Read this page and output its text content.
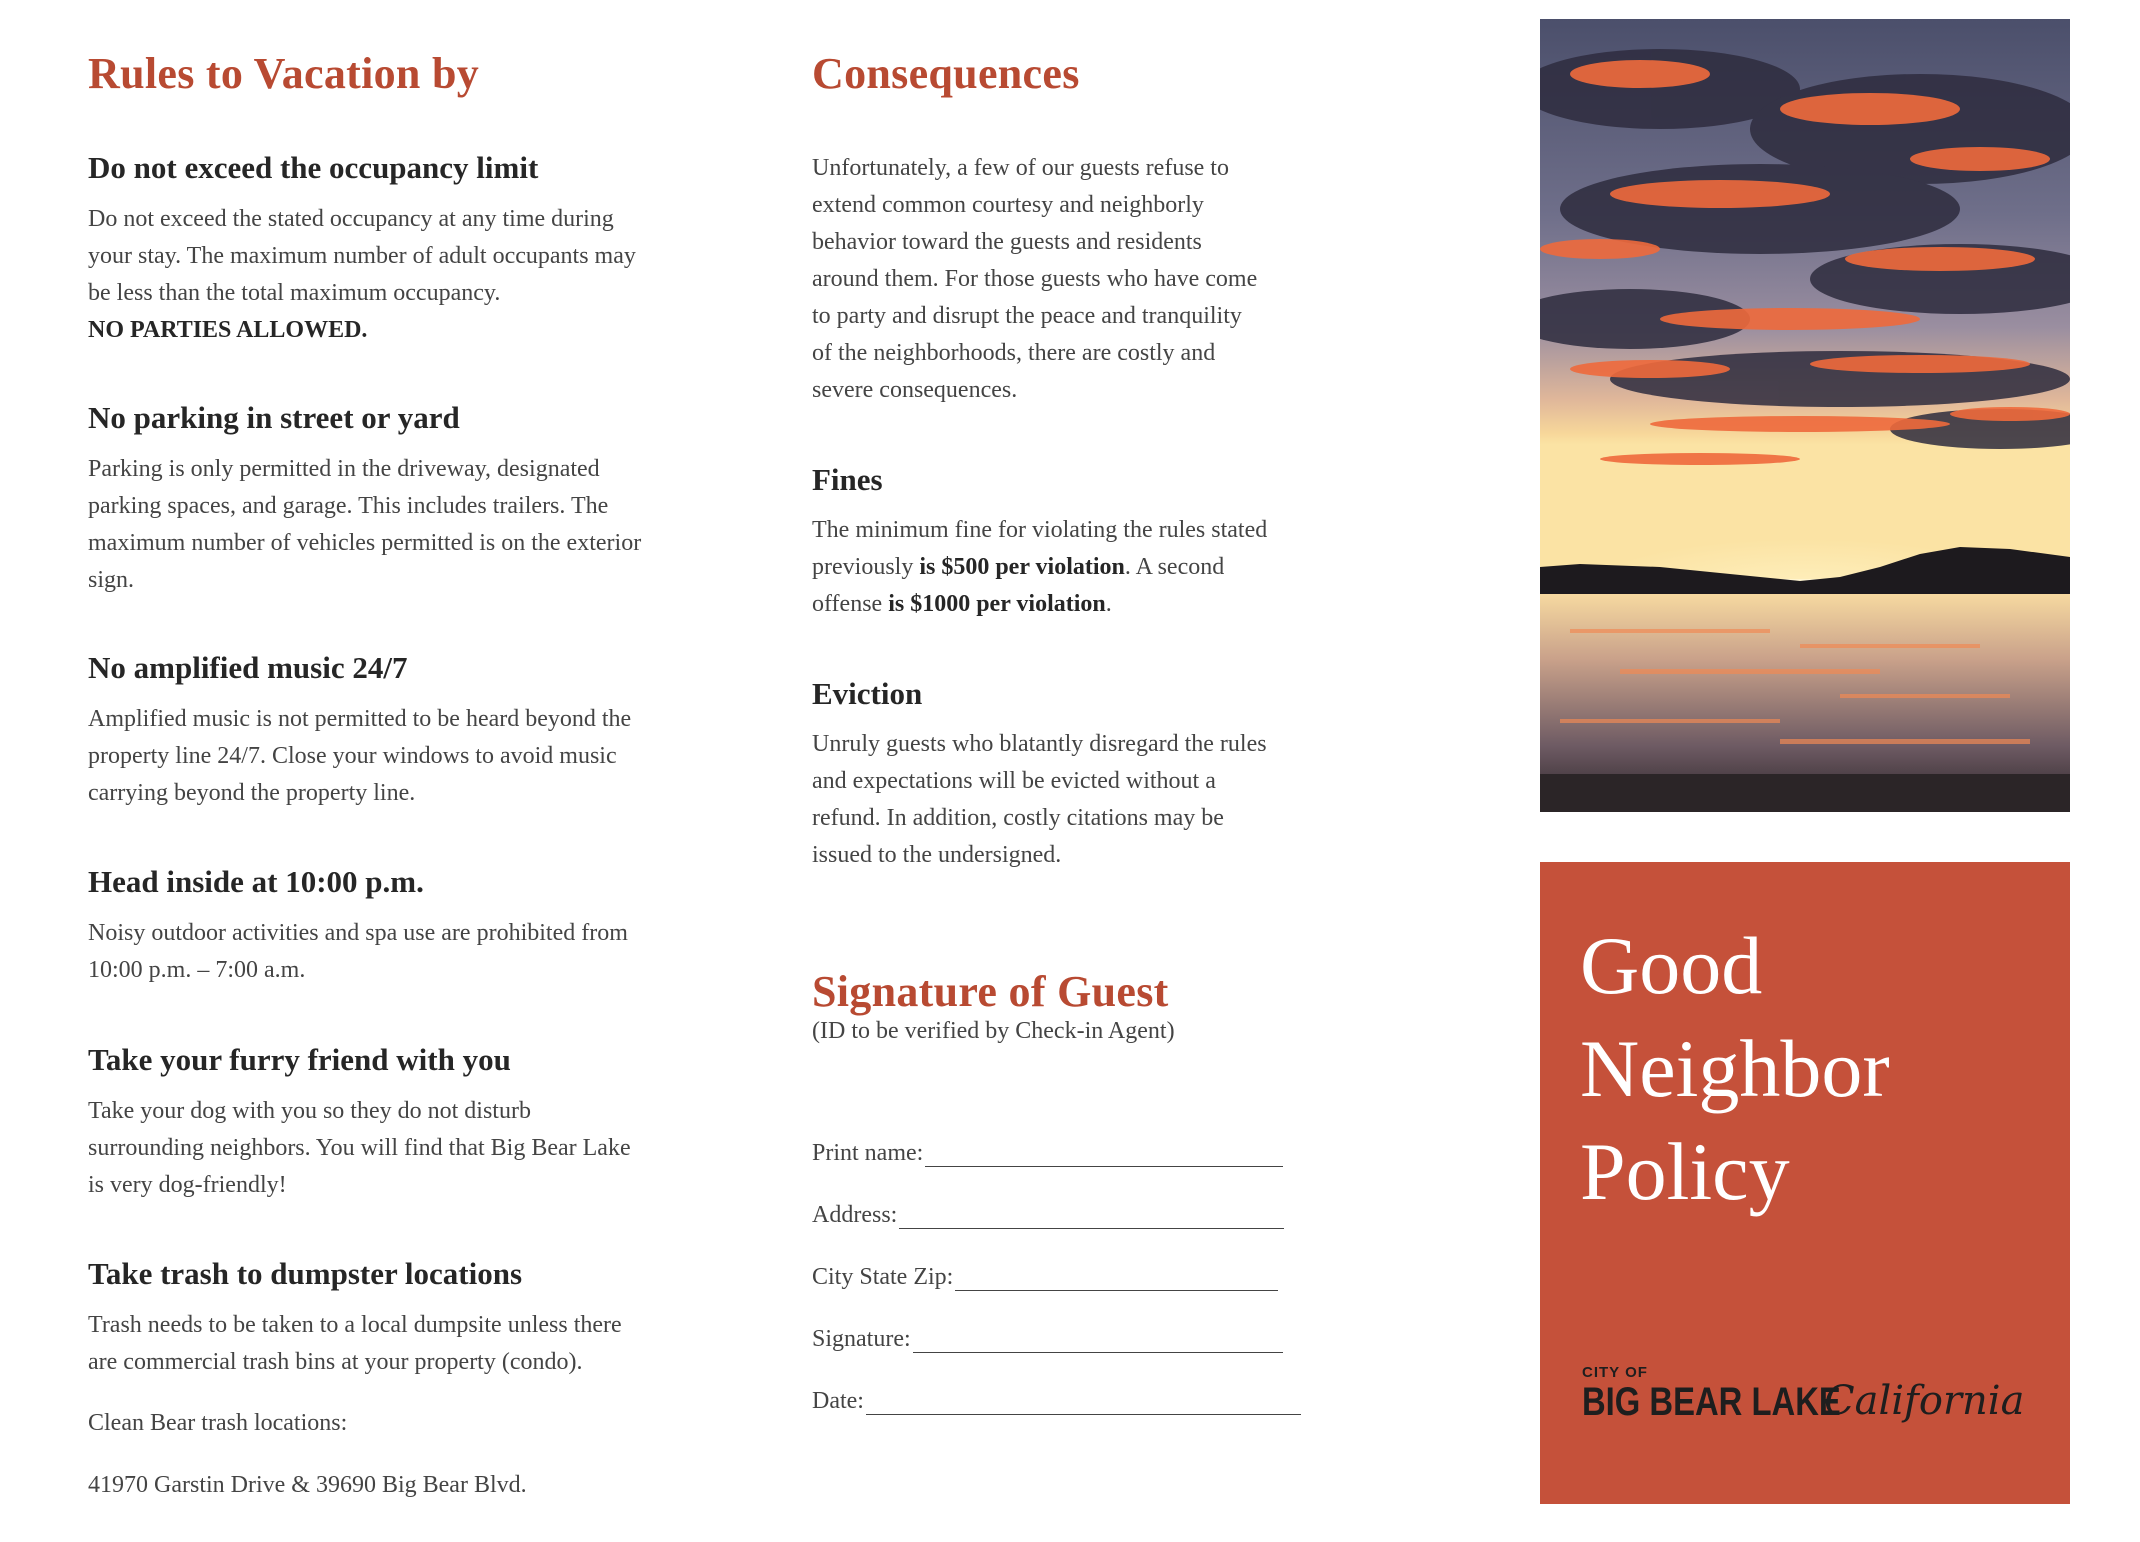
Rules to Vacation by
Do not exceed the occupancy limit

Do not exceed the stated occupancy at any time during
your stay. The maximum number of adult occupants may
be less than the total maximum occupancy.
NO PARTIES ALLOWED.

No parking in street or yard

Parking is only permitted in the driveway, designated
parking spaces, and garage. This includes trailers. The
maximum number of vehicles permitted is on the exterior
sign.

No amplified music 24/7

Amplified music is not permitted to be heard beyond the
property line 24/7. Close your windows to avoid music
carrying beyond the property line.

Head inside at 10:00 p.m.

Noisy outdoor activities and spa use are prohibited from
10:00 p.m. – 7:00 a.m.

Take your furry friend with you

Take your dog with you so they do not disturb
surrounding neighbors. You will find that Big Bear Lake
is very dog-friendly!

Take trash to dumpster locations

Trash needs to be taken to a local dumpsite unless there
are commercial trash bins at your property (condo).

Clean Bear trash locations:

41970 Garstin Drive & 39690 Big Bear Blvd.

Consequences

Unfortunately, a few of our guests refuse to
extend common courtesy and neighborly
behavior toward the guests and residents
around them. For those guests who have come
to party and disrupt the peace and tranquility
of the neighborhoods, there are costly and
severe consequences.

Fines

The minimum fine for violating the rules stated
previously is $500 per violation. A second
offense is $1000 per violation.

Eviction

Unruly guests who blatantly disregard the rules
and expectations will be evicted without a
refund. In addition, costly citations may be
issued to the undersigned.

Signature of Guest
(ID to be verified by Check-in Agent)
Print name:
Address:
City State Zip:
Signature:
Date:
Good
Neighbor
Policy
CITY OF
BIG BEAR LAKE
California
